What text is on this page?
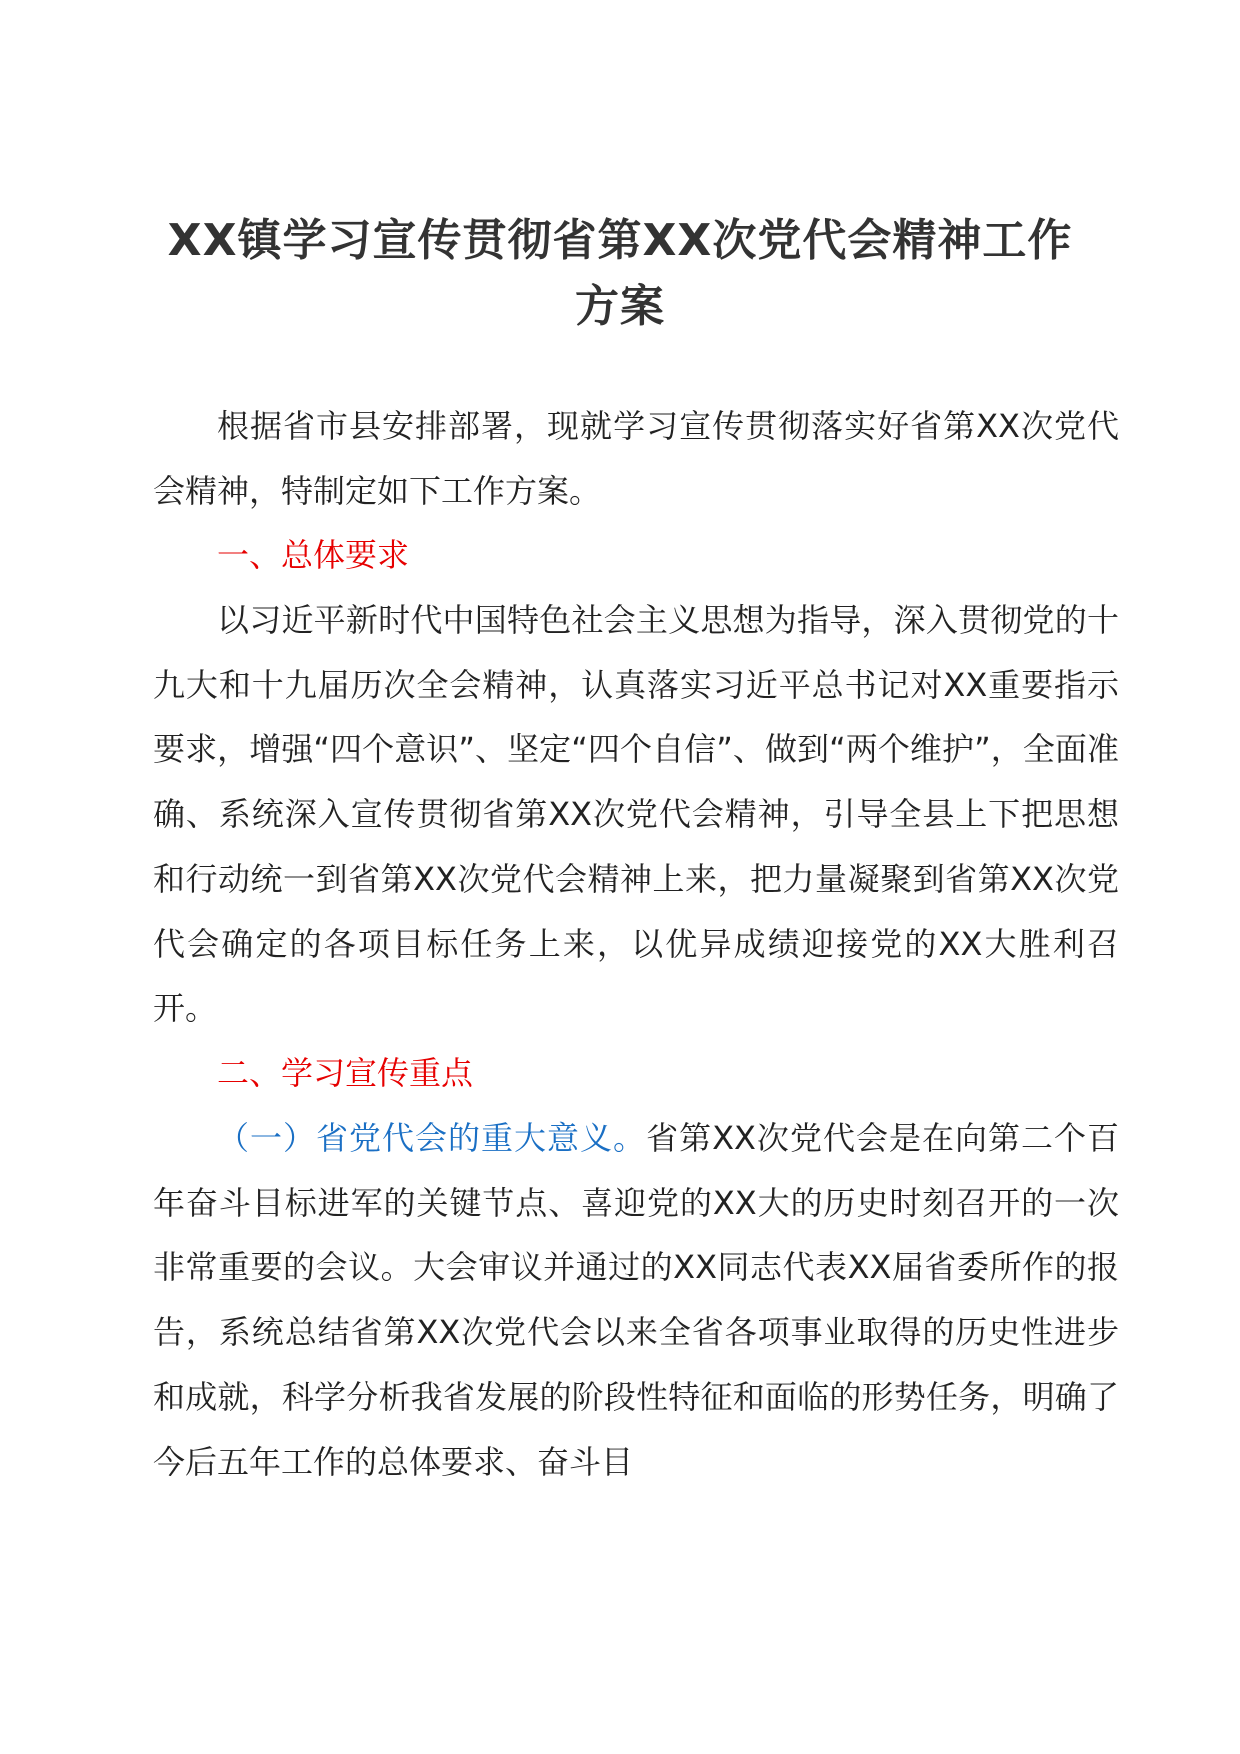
XX镇学习宣传贯彻省第XX次党代会精神工作方案

根据省市县安排部署，现就学习宣传贯彻落实好省第XX次党代会精神，特制定如下工作方案。

一、总体要求

以习近平新时代中国特色社会主义思想为指导，深入贯彻党的十九大和十九届历次全会精神，认真落实习近平总书记对XX重要指示要求，增强“四个意识”、坚定“四个自信”、做到“两个维护”，全面准确、系统深入宣传贯彻省第XX次党代会精神，引导全县上下把思想和行动统一到省第XX次党代会精神上来，把力量凝聚到省第XX次党代会确定的各项目标任务上来，以优异成绩迎接党的XX大胜利召开。

二、学习宣传重点

（一）省党代会的重大意义。省第XX次党代会是在向第二个百年奋斗目标进军的关键节点、喜迎党的XX大的历史时刻召开的一次非常重要的会议。大会审议并通过的XX同志代表XX届省委所作的报告，系统总结省第XX次党代会以来全省各项事业取得的历史性进步和成就，科学分析我省发展的阶段性特征和面临的形势任务，明确了今后五年工作的总体要求、奋斗目
